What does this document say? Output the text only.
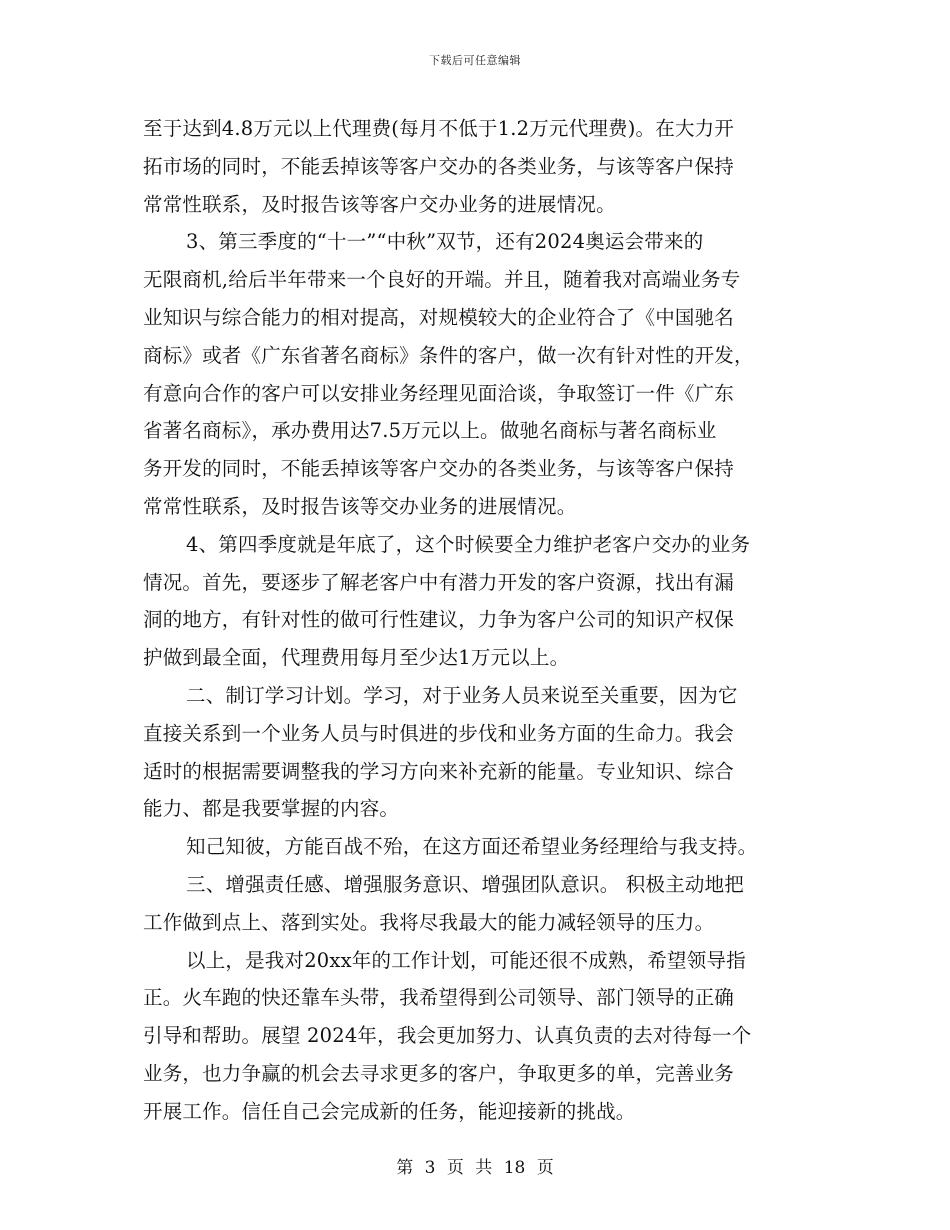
下载后可任意编辑
至于达到4.8万元以上代理费(每月不低于1.2万元代理费)。在大力开
拓市场的同时，不能丢掉该等客户交办的各类业务，与该等客户保持
常常性联系，及时报告该等客户交办业务的进展情况。
3、第三季度的“十一”“中秋”双节，还有2024奥运会带来的
无限商机,给后半年带来一个良好的开端。并且，随着我对高端业务专
业知识与综合能力的相对提高，对规模较大的企业符合了《中国驰名
商标》或者《广东省著名商标》条件的客户，做一次有针对性的开发，
有意向合作的客户可以安排业务经理见面洽谈，争取签订一件《广东
省著名商标》，承办费用达7.5万元以上。做驰名商标与著名商标业
务开发的同时，不能丢掉该等客户交办的各类业务，与该等客户保持
常常性联系，及时报告该等交办业务的进展情况。
4、第四季度就是年底了，这个时候要全力维护老客户交办的业务
情况。首先，要逐步了解老客户中有潜力开发的客户资源，找出有漏
洞的地方，有针对性的做可行性建议，力争为客户公司的知识产权保
护做到最全面，代理费用每月至少达1万元以上。
二、制订学习计划。学习，对于业务人员来说至关重要，因为它
直接关系到一个业务人员与时俱进的步伐和业务方面的生命力。我会
适时的根据需要调整我的学习方向来补充新的能量。专业知识、综合
能力、都是我要掌握的内容。
知己知彼，方能百战不殆，在这方面还希望业务经理给与我支持。
三、增强责任感、增强服务意识、增强团队意识。 积极主动地把
工作做到点上、落到实处。我将尽我最大的能力减轻领导的压力。
以上，是我对20xx年的工作计划，可能还很不成熟，希望领导指
正。火车跑的快还靠车头带，我希望得到公司领导、部门领导的正确
引导和帮助。展望 2024年，我会更加努力、认真负责的去对待每一个
业务，也力争赢的机会去寻求更多的客户，争取更多的单，完善业务
开展工作。信任自己会完成新的任务，能迎接新的挑战。
第 3 页 共 18 页
